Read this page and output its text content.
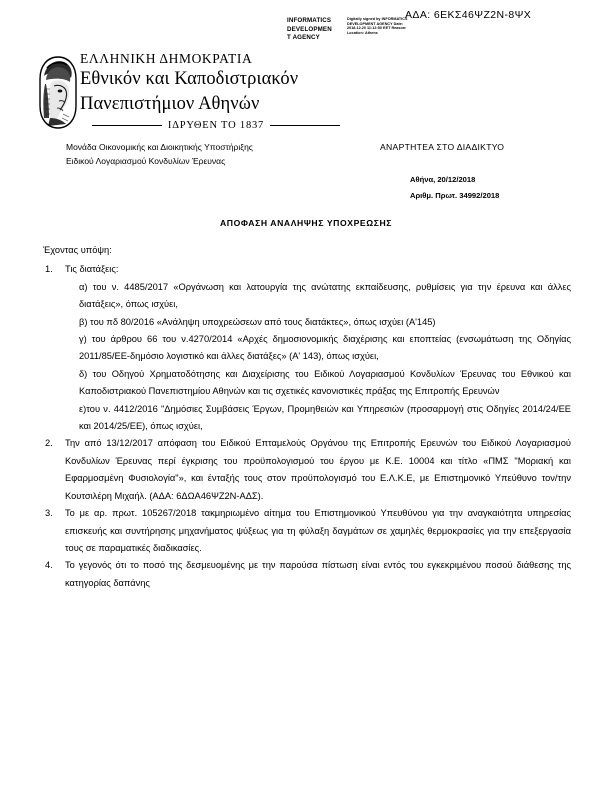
ΑΔΑ: 6ΕΚΣ46ΨΖ2Ν-8ΨΧ
INFORMATICS
DEVELOPMEN
T AGENCY
Digitally signed by INFORMATICS DEVELOPMENT AGENCY Date: 2018.12.20 11:12:50 EET Reason: Location: Athens
ΕΛΛΗΝΙΚΗ ΔΗΜΟΚΡΑΤΙΑ
Εθνικόν και Καποδιστριακόν
Πανεπιστήμιον Αθηνών
ΙΔΡΥΘΕΝ ΤΟ 1837
Μονάδα Οικονομικής και Διοικητικής Υποστήριξης
Ειδικού Λογαριασμού Κονδυλίων Έρευνας
ΑΝΑΡΤΗΤΕΑ ΣΤΟ ΔΙΑΔΙΚΤΥΟ
Αθήνα, 20/12/2018
Αριθμ. Πρωτ. 34992/2018
ΑΠΟΦΑΣΗ ΑΝΑΛΗΨΗΣ ΥΠΟΧΡΕΩΣΗΣ

Έχοντας υπόψη:

Τις διατάξεις:

α) του ν. 4485/2017 «Οργάνωση και λατουργία της ανώτατης εκπαίδευσης, ρυθμίσεις για την έρευνα και άλλες διατάξεις», όπως ισχύει,

β) του πδ 80/2016 «Ανάληψη υποχρεώσεων από τους διατάκτες», όπως ισχύει (Α'145)

γ) του άρθρου 66 του ν.4270/2014 «Αρχές δημοσιονομικής διαχέρισης και εποπτείας (ενσωμάτωση της Οδηγίας 2011/85/ΕΕ-δημόσιο λογιστικό και άλλες διατάξες» (Α' 143), όπως ισχύει,

δ) του Οδηγού Χρηματοδότησης και Διαχείρισης του Ειδικού Λογαριασμού Κονδυλίων Έρευνας του Εθνικού και Καποδιστριακού Πανεπιστημίου Αθηνών και τις σχετικές κανονιστικές πράξας της Επιτροπής Ερευνών

ε)του ν. 4412/2016 "Δημόσιες Συμβάσεις Έργων, Προμηθειών και Υπηρεσιών (προσαρμογή στις Οδηγίες 2014/24/ΕΕ και 2014/25/ΕΕ), όπως ισχύει,

Την από 13/12/2017 απόφαση του Ειδικού Επταμελούς Οργάνου της Επιτροπής Ερευνών του Ειδικού Λογαριασμού Κονδυλίων Έρευνας περί έγκρισης του προϋπολογισμού του έργου με Κ.Ε. 10004 και τίτλο «ΠΜΣ "Μοριακή και Εφαρμοσμένη Φυσιολογία"», και ένταξής τους στον προϋπολογισμό του Ε.Λ.Κ.Ε, με Επιστημονικό Υπεύθυνο τον/την Κουτσιλέρη Μιχαήλ. (ΑΔΑ: 6ΔΩΑ46ΨΖ2Ν-ΑΔΣ).

Το με αρ. πρωτ. 105267/2018 τακμηριωμένο αίτημα του Επιστημονικού Υπευθύνου για την αναγκαιότητα υπηρεσίας επισκευής και συντήρησης μηχανήματος ψύξεως για τη φύλαξη δαγμάτων σε χαμηλές θερμοκρασίες για την επεξεργασία τους σε παραματικές διαδικασίες.

Το γεγονός ότι το ποσό της δεσμευομένης με την παρούσα πίστωση είναι εντός του εγκεκριμένου ποσού διάθεσης της κατηγορίας δαπάνης
